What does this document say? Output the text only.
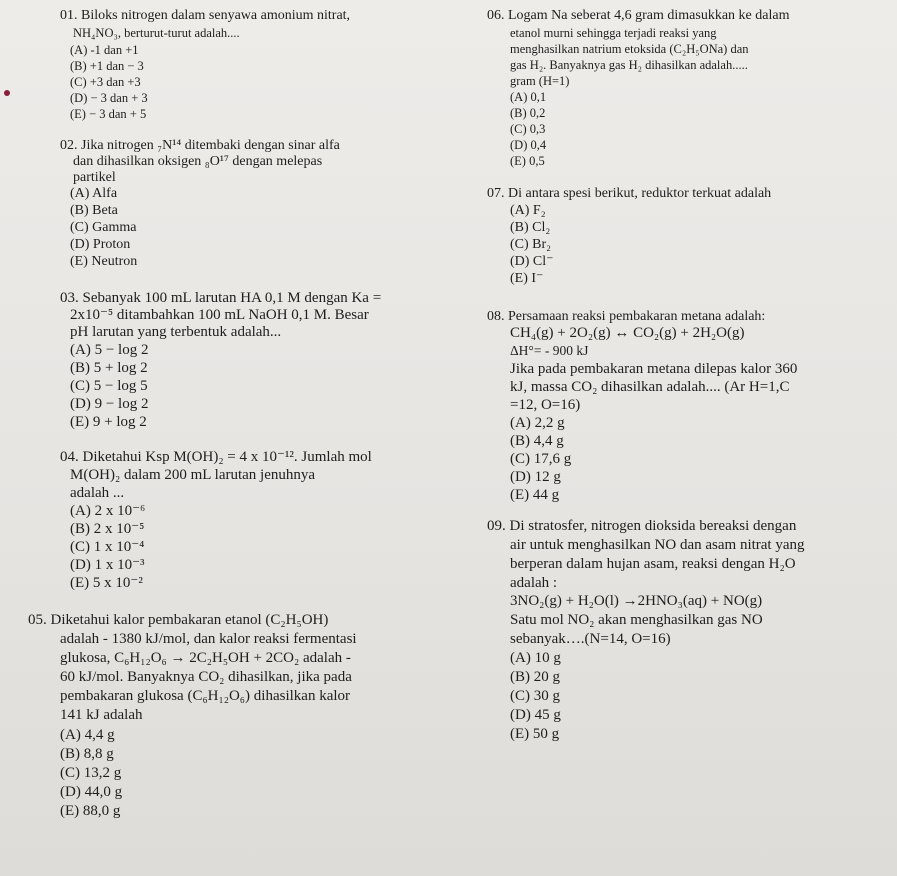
01. Biloks nitrogen dalam senyawa amonium nitrat,
NH₄NO₃, berturut-turut adalah....
(A) -1 dan +1
(B) +1 dan − 3
(C) +3 dan +3
(D) − 3 dan + 3
(E) − 3 dan + 5
02. Jika nitrogen ₇N¹⁴ ditembaki dengan sinar alfa
dan dihasilkan oksigen ₈O¹⁷ dengan melepas
partikel
(A) Alfa
(B) Beta
(C) Gamma
(D) Proton
(E) Neutron
03. Sebanyak 100 mL larutan HA 0,1 M dengan Ka =
2x10⁻⁵ ditambahkan 100 mL NaOH 0,1 M. Besar
pH larutan yang terbentuk adalah...
(A) 5 − log 2
(B) 5 + log 2
(C) 5 − log 5
(D) 9 − log 2
(E) 9 + log 2
04. Diketahui Ksp M(OH)₂ = 4 x 10⁻¹². Jumlah mol
M(OH)₂ dalam 200 mL larutan jenuhnya
adalah ...
(A) 2 x 10⁻⁶
(B) 2 x 10⁻⁵
(C) 1 x 10⁻⁴
(D) 1 x 10⁻³
(E) 5 x 10⁻²
05. Diketahui kalor pembakaran etanol (C₂H₅OH)
adalah - 1380 kJ/mol, dan kalor reaksi fermentasi
glukosa, C₆H₁₂O₆ → 2C₂H₅OH + 2CO₂ adalah -
60 kJ/mol. Banyaknya CO₂ dihasilkan, jika pada
pembakaran glukosa (C₆H₁₂O₆) dihasilkan kalor
141 kJ adalah
(A) 4,4 g
(B) 8,8 g
(C) 13,2 g
(D) 44,0 g
(E) 88,0 g
06. Logam Na seberat 4,6 gram dimasukkan ke dalam
etanol murni sehingga terjadi reaksi yang
menghasilkan natrium etoksida (C₂H₅ONa) dan
gas H₂. Banyaknya gas H₂ dihasilkan adalah.....
gram (H=1)
(A) 0,1
(B) 0,2
(C) 0,3
(D) 0,4
(E) 0,5
07. Di antara spesi berikut, reduktor terkuat adalah
(A) F₂
(B) Cl₂
(C) Br₂
(D) Cl⁻
(E) I⁻
08. Persamaan reaksi pembakaran metana adalah:
CH₄(g) + 2O₂(g) ↔ CO₂(g) + 2H₂O(g)
ΔH°= - 900 kJ
Jika pada pembakaran metana dilepas kalor 360
kJ, massa CO₂ dihasilkan adalah.... (Ar H=1,C
=12, O=16)
(A) 2,2 g
(B) 4,4 g
(C) 17,6 g
(D) 12 g
(E) 44 g
09. Di stratosfer, nitrogen dioksida bereaksi dengan
air untuk menghasilkan NO dan asam nitrat yang
berperan dalam hujan asam, reaksi dengan H₂O
adalah :
3NO₂(g) + H₂O(l) →2HNO₃(aq) + NO(g)
Satu mol NO₂ akan menghasilkan gas NO
sebanyak….(N=14, O=16)
(A) 10 g
(B) 20 g
(C) 30 g
(D) 45 g
(E) 50 g
